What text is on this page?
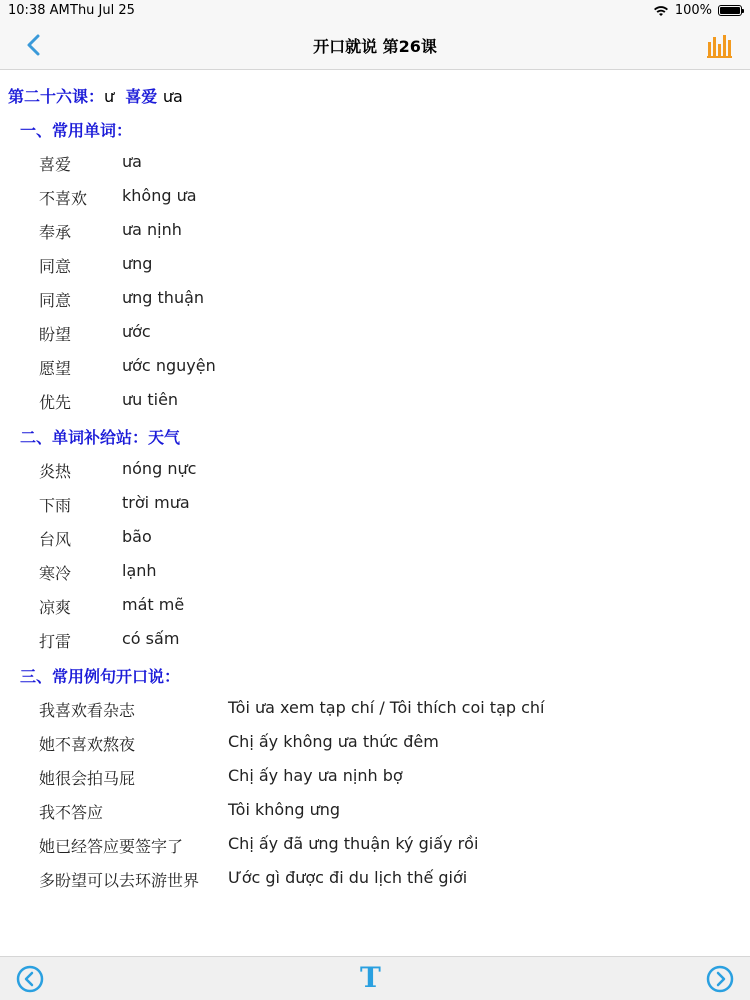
10:38 AM Thu Jul 25	100%
开口就说 第26课
第二十六课：ư 喜爱 ưa
一、常用单词：
喜爱	ưa
不喜欢 không ưa
奉承	ưa nịnh
同意	ưng
同意	ưng thuận
盼望	ước
愿望	ước nguyện
优先	ưu tiên
二、单词补给站：天气
炎热	nóng nực
下雨	trời mưa
台风	bão
寒冷	lạnh
凉爽	mát mẽ
打雷	có sấm
三、常用例句开口说：
我喜欢看杂志	Tôi ưa xem tạp chí / Tôi thích coi tạp chí
她不喜欢熬夜	Chị ấy không ưa thức đêm
她很会拍马屁	Chị ấy hay ưa nịnh bợ
我不答应	Tôi không ưng
她已经答应要签字了	Chị ấy đã ưng thuận ký giấy rồi
多盼望可以去环游世界 Ước gì được đi du lịch thế giới
T
